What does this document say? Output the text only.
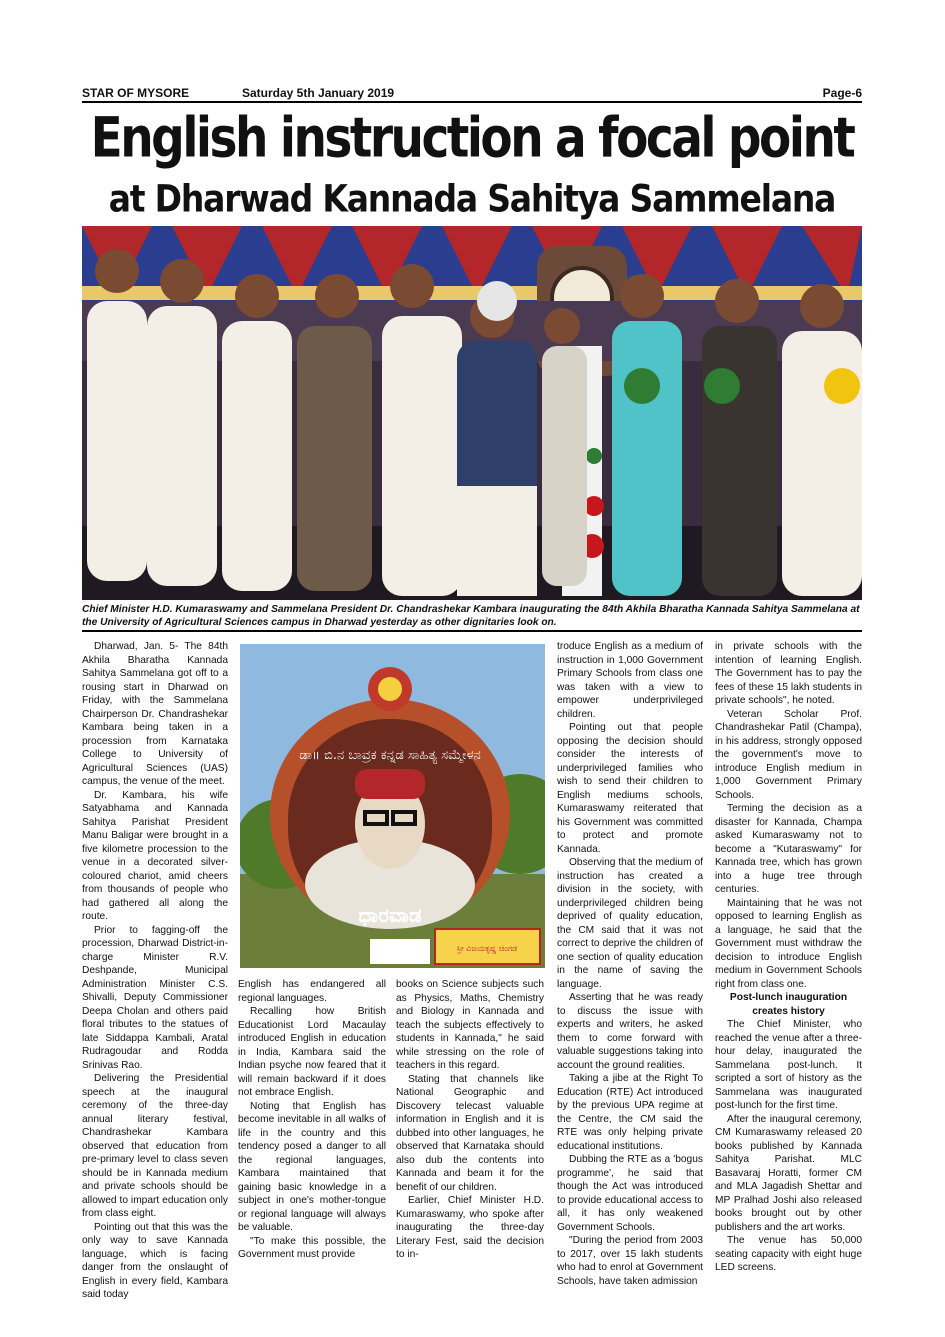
STAR OF MYSORE	Saturday 5th January 2019	Page-6
English instruction a focal point
at Dharwad Kannada Sahitya Sammelana
Chief Minister H.D. Kumaraswamy and Sammelana President Dr. Chandrashekar Kambara inaugurating the 84th Akhila Bharatha Kannada Sahitya Sammelana at the University of Agricultural Sciences campus in Dharwad yesterday as other dignitaries look on.

Dharwad, Jan. 5- The 84th Akhila Bharatha Kannada Sahitya Sammelana got off to a rousing start in Dharwad on Friday, with the Sammelana Chairperson Dr. Chandrashekar Kambara being taken in a procession from Karnataka College to University of Agricultural Sciences (UAS) campus, the venue of the meet.

Dr. Kambara, his wife Satyabhama and Kannada Sahitya Parishat President Manu Baligar were brought in a five kilometre procession to the venue in a decorated silver-coloured chariot, amid cheers from thousands of people who had gathered all along the route.

Prior to fagging-off the procession, Dharwad District-in-charge Minister R.V. Deshpande, Municipal Administration Minister C.S. Shivalli, Deputy Commissioner Deepa Cholan and others paid floral tributes to the statues of late Siddappa Kambali, Aratal Rudragoudar and Rodda Srinivas Rao.

Delivering the Presidential speech at the inaugural ceremony of the three-day annual literary festival, Chandrashekar Kambara observed that education from pre-primary level to class seven should be in Kannada medium and private schools should be allowed to impart education only from class eight.

Pointing out that this was the only way to save Kannada language, which is facing danger from the onslaught of English in every field, Kambara said today

ಡಾ॥ ಬಿ.ನ ಬಾವ್ರಕ ಕನ್ನಡ ಸಾಹಿತ್ಯ ಸಮ್ಮೇಳನ
ಧಾರವಾಡ
ಸ್ರೀ ವಿಜಯಕೃಷ್ಣ ಚಿಂಗಡ

English has endangered all regional languages.

Recalling how British Educationist Lord Macaulay introduced English in education in India, Kambara said the Indian psyche now feared that it will remain backward if it does not embrace English.

Noting that English has become inevitable in all walks of life in the country and this tendency posed a danger to all the regional languages, Kambara maintained that gaining basic knowledge in a subject in one's mother-tongue or regional language will always be valuable.

"To make this possible, the Government must provide

books on Science subjects such as Physics, Maths, Chemistry and Biology in Kannada and teach the subjects effectively to students in Kannada," he said while stressing on the role of teachers in this regard.

Stating that channels like National Geographic and Discovery telecast valuable information in English and it is dubbed into other languages, he observed that Karnataka should also dub the contents into Kannada and beam it for the benefit of our children.

Earlier, Chief Minister H.D. Kumaraswamy, who spoke after inaugurating the three-day Literary Fest, said the decision to in-

troduce English as a medium of instruction in 1,000 Government Primary Schools from class one was taken with a view to empower underprivileged children.

Pointing out that people opposing the decision should consider the interests of underprivileged families who wish to send their children to English mediums schools, Kumaraswamy reiterated that his Government was committed to protect and promote Kannada.

Observing that the medium of instruction has created a division in the society, with underprivileged children being deprived of quality education, the CM said that it was not correct to deprive the children of one section of quality education in the name of saving the language.

Asserting that he was ready to discuss the issue with experts and writers, he asked them to come forward with valuable suggestions taking into account the ground realities.

Taking a jibe at the Right To Education (RTE) Act introduced by the previous UPA regime at the Centre, the CM said the RTE was only helping private educational institutions.

Dubbing the RTE as a 'bogus programme', he said that though the Act was introduced to provide educational access to all, it has only weakened Government Schools.

"During the period from 2003 to 2017, over 15 lakh students who had to enrol at Government Schools, have taken admission

in private schools with the intention of learning English. The Government has to pay the fees of these 15 lakh students in private schools", he noted.

Veteran Scholar Prof. Chandrashekar Patil (Champa), in his address, strongly opposed the government's move to introduce English medium in 1,000 Government Primary Schools.

Terming the decision as a disaster for Kannada, Champa asked Kumaraswamy not to become a "Kutaraswamy" for Kannada tree, which has grown into a huge tree through centuries.

Maintaining that he was not opposed to learning English as a language, he said that the Government must withdraw the decision to introduce English medium in Government Schools right from class one.

Post-lunch inauguration creates history

The Chief Minister, who reached the venue after a three-hour delay, inaugurated the Sammelana post-lunch. It scripted a sort of history as the Sammelana was inaugurated post-lunch for the first time.

After the inaugural ceremony, CM Kumaraswamy released 20 books published by Kannada Sahitya Parishat. MLC Basavaraj Horatti, former CM and MLA Jagadish Shettar and MP Pralhad Joshi also released books brought out by other publishers and the art works.

The venue has 50,000 seating capacity with eight huge LED screens.
